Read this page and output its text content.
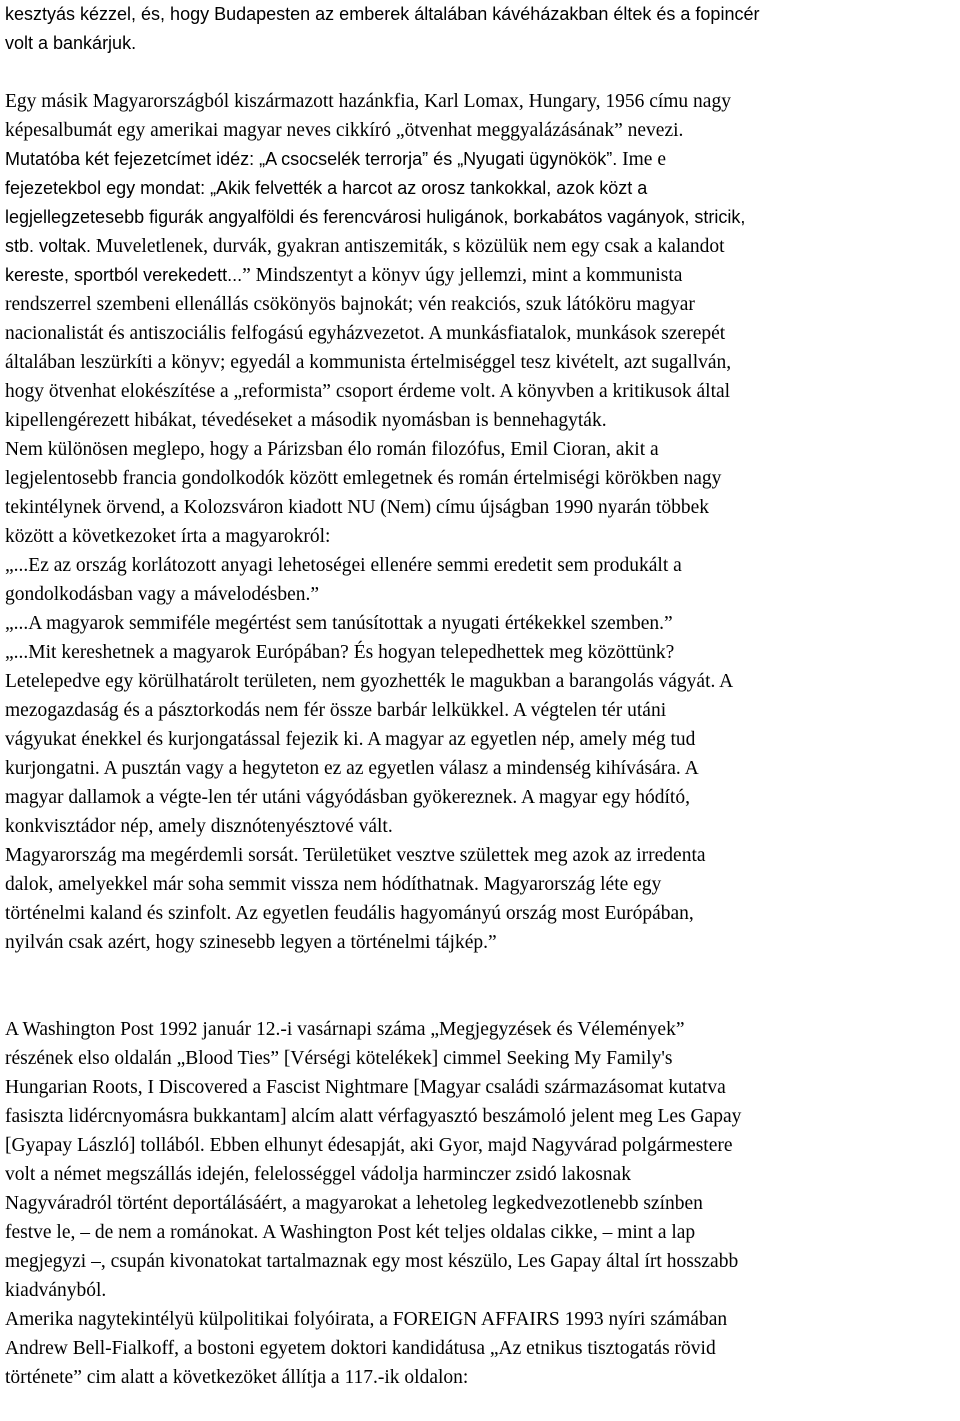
kesztyás kézzel, és, hogy Budapesten az emberek általában kávéházakban éltek és a fopincér
volt a bankárjuk.
Egy másik Magyarországból kiszármazott hazánkfia, Karl Lomax, Hungary, 1956 címu nagy
képesalbumát egy amerikai magyar neves cikkíró „ötvenhat meggyalázásának” nevezi.
Mutatóba két fejezetcímet idéz: „A csocselék terrorja” és „Nyugati ügynökök”. Ime e
fejezetekbol egy mondat: „Akik felvették a harcot az orosz tankokkal, azok közt a
legjellegzetesebb figurák angyalföldi és ferencvárosi huligánok, borkabátos vagányok, stricik,
stb. voltak. Muveletlenek, durvák, gyakran antiszemiták, s közülük nem egy csak a kalandot
kereste, sportból verekedett...” Mindszentyt a könyv úgy jellemzi, mint a kommunista
rendszerrel szembeni ellenállás csökönyös bajnokát; vén reakciós, szuk látóköru magyar
nacionalistát és antiszociális felfogású egyházvezetot. A munkásfiatalok, munkások szerepét
általában leszürkíti a könyv; egyedál a kommunista értelmiséggel tesz kivételt, azt sugallván,
hogy ötvenhat elokészítése a „reformista” csoport érdeme volt. A könyvben a kritikusok által
kipellengérezett hibákat, tévedéseket a második nyomásban is bennehagyták.
Nem különösen meglepo, hogy a Párizsban élo román filozófus, Emil Cioran, akit a
legjelentosebb francia gondolkodók között emlegetnek és román értelmiségi körökben nagy
tekintélynek örvend, a Kolozsváron kiadott NU (Nem) címu újságban 1990 nyarán többek
között a következoket írta a magyarokról:
„...Ez az ország korlátozott anyagi lehetoségei ellenére semmi eredetit sem produkált a
gondolkodásban vagy a mávelodésben.”
„...A magyarok semmiféle megértést sem tanúsítottak a nyugati értékekkel szemben.”
„...Mit kereshetnek a magyarok Európában? És hogyan telepedhettek meg közöttünk?
Letelepedve egy körülhatárolt területen, nem gyozhették le magukban a barangolás vágyát. A
mezogazdaság és a pásztorkodás nem fér össze barbár lelkükkel. A végtelen tér utáni
vágyukat énekkel és kurjongatással fejezik ki. A magyar az egyetlen nép, amely még tud
kurjongatni. A pusztán vagy a hegyteton ez az egyetlen válasz a mindenség kihívására. A
magyar dallamok a végte-len tér utáni vágyódásban gyökereznek. A magyar egy hódító,
konkvisztádor nép, amely disznótenyésztové vált.
Magyarország ma megérdemli sorsát. Területüket vesztve születtek meg azok az irredenta
dalok, amelyekkel már soha semmit vissza nem hódíthatnak. Magyarország léte egy
történelmi kaland és szinfolt. Az egyetlen feudális hagyományú ország most Európában,
nyilván csak azért, hogy szinesebb legyen a történelmi tájkép.”
A Washington Post 1992 január 12.-i vasárnapi száma „Megjegyzések és Vélemények”
részének elso oldalán „Blood Ties” [Vérségi kötelékek] cimmel Seeking My Family's
Hungarian Roots, I Discovered a Fascist Nightmare [Magyar családi származásomat kutatva
fasiszta lidércnyomásra bukkantam] alcím alatt vérfagyasztó beszámoló jelent meg Les Gapay
[Gyapay László] tollából. Ebben elhunyt édesapját, aki Gyor, majd Nagyvárad polgármestere
volt a német megszállás idején, felelosséggel vádolja harminczer zsidó lakosnak
Nagyváradról történt deportálásáért, a magyarokat a lehetoleg legkedvezotlenebb színben
festve le, – de nem a románokat. A Washington Post két teljes oldalas cikke, – mint a lap
megjegyzi –, csupán kivonatokat tartalmaznak egy most készülo, Les Gapay által írt hosszabb
kiadványból.
Amerika nagytekintélyü külpolitikai folyóirata, a FOREIGN AFFAIRS 1993 nyíri számában
Andrew Bell-Fialkoff, a bostoni egyetem doktori kandidátusa „Az etnikus tisztogatás rövid
története” cim alatt a következöket állítja a 117.-ik oldalon:
